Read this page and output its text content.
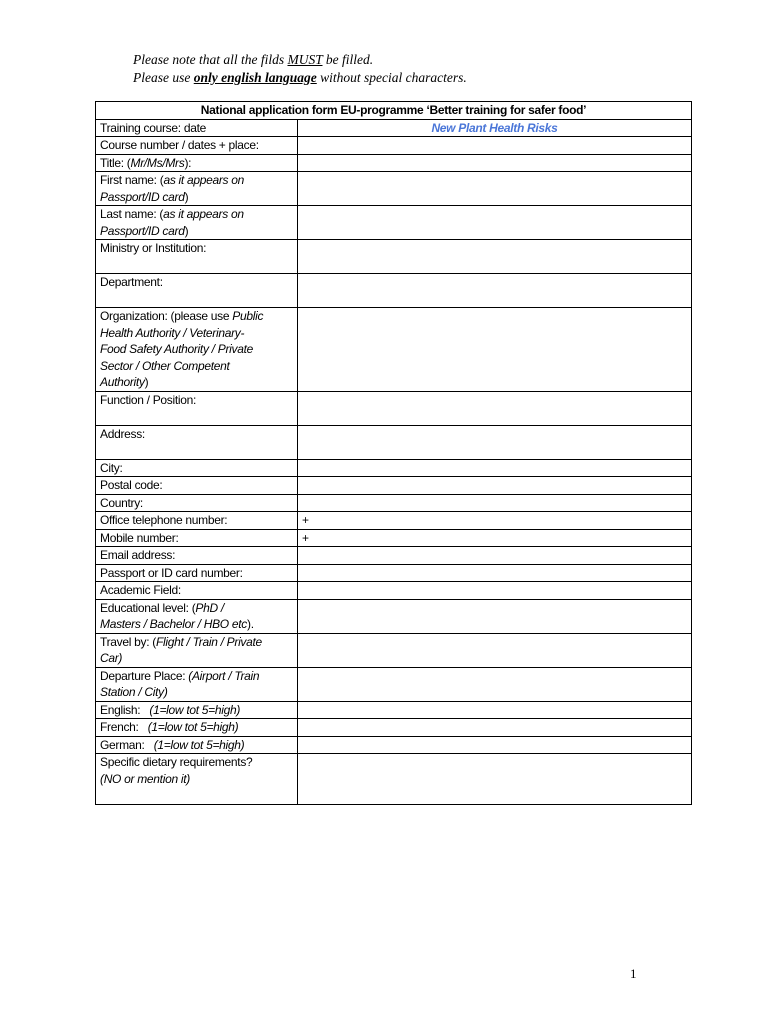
Please note that all the filds MUST be filled.
Please use only english language without special characters.
National application form EU-programme ‘Better training for safer food’	
Training course: date	New Plant Health Risks
Course number / dates + place:	
Title: (Mr/Ms/Mrs):	
First name: (as it appears on
Passport/ID card)	
Last name: (as it appears on
Passport/ID card)	
Ministry or Institution:	
Department:	
Organization: (please use Public
Health Authority / Veterinary-
Food Safety Authority / Private
Sector / Other Competent
Authority)	
Function / Position:	
Address:	
City:	
Postal code:	
Country:	
Office telephone number:	+
Mobile number:	+
Email address:	
Passport or ID card number:	
Academic Field:	
Educational level: (PhD /
Masters / Bachelor / HBO etc).	
Travel by: (Flight / Train / Private
Car)	
Departure Place: (Airport / Train
Station / City)	
English:   (1=low tot 5=high)	
French:   (1=low tot 5=high)	
German:   (1=low tot 5=high)	
Specific dietary requirements?
(NO or mention it)	
1
